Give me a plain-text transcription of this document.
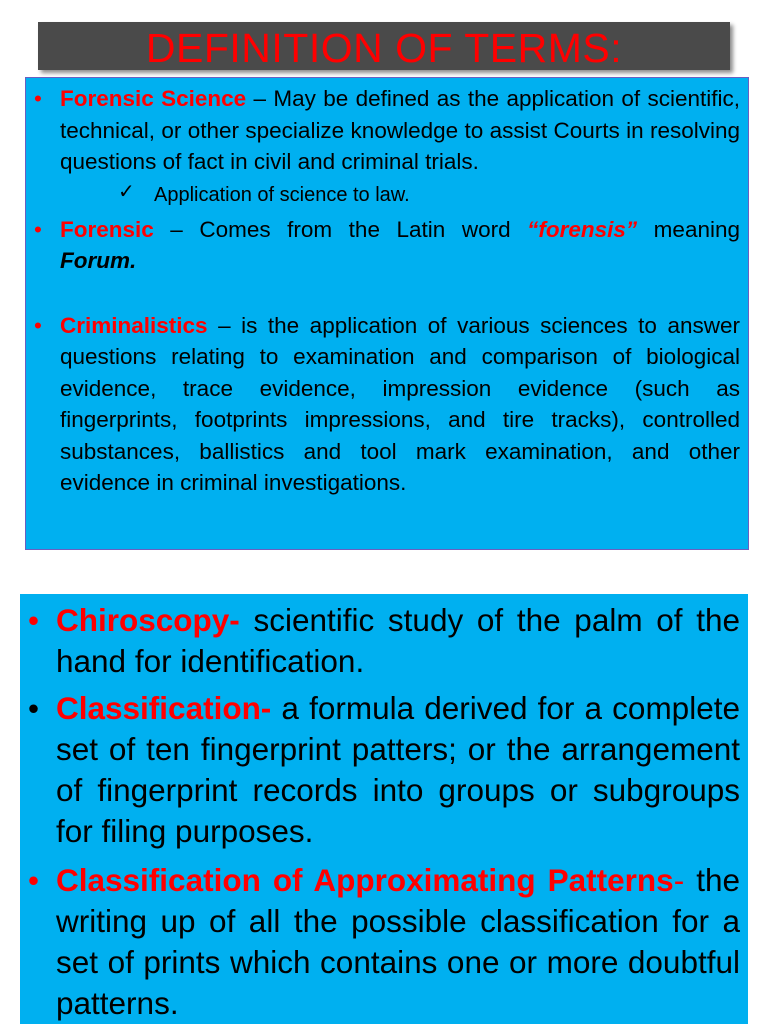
DEFINITION OF TERMS:
• Forensic Science – May be defined as the application of scientific, technical, or other specialize knowledge to assist Courts in resolving questions of fact in civil and criminal trials.
✓ Application of science to law.
• Forensic – Comes from the Latin word “forensis” meaning Forum.
• Criminalistics – is the application of various sciences to answer questions relating to examination and comparison of biological evidence, trace evidence, impression evidence (such as fingerprints, footprints impressions, and tire tracks), controlled substances, ballistics and tool mark examination, and other evidence in criminal investigations.
• Chiroscopy- scientific study of the palm of the hand for identification.
• Classification- a formula derived for a complete set of ten fingerprint patters; or the arrangement of fingerprint records into groups or subgroups for filing purposes.
• Classification of Approximating Patterns- the writing up of all the possible classification for a set of prints which contains one or more doubtful patterns.
